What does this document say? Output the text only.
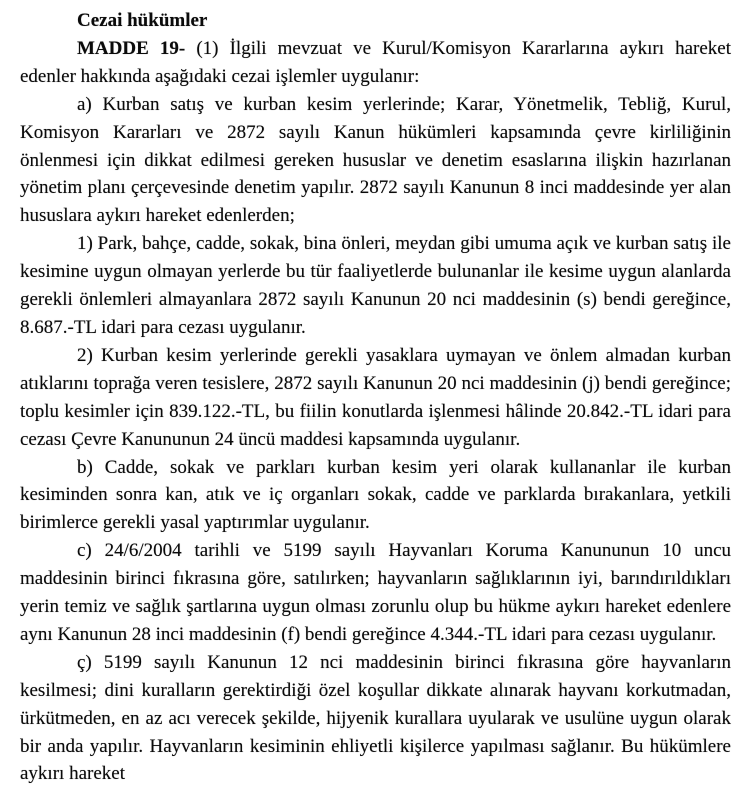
Cezai hükümler

MADDE 19- (1) İlgili mevzuat ve Kurul/Komisyon Kararlarına aykırı hareket edenler hakkında aşağıdaki cezai işlemler uygulanır:

a) Kurban satış ve kurban kesim yerlerinde; Karar, Yönetmelik, Tebliğ, Kurul, Komisyon Kararları ve 2872 sayılı Kanun hükümleri kapsamında çevre kirliliğinin önlenmesi için dikkat edilmesi gereken hususlar ve denetim esaslarına ilişkin hazırlanan yönetim planı çerçevesinde denetim yapılır. 2872 sayılı Kanunun 8 inci maddesinde yer alan hususlara aykırı hareket edenlerden;

1) Park, bahçe, cadde, sokak, bina önleri, meydan gibi umuma açık ve kurban satış ile kesimine uygun olmayan yerlerde bu tür faaliyetlerde bulunanlar ile kesime uygun alanlarda gerekli önlemleri almayanlara 2872 sayılı Kanunun 20 nci maddesinin (s) bendi gereğince, 8.687.-TL idari para cezası uygulanır.

2) Kurban kesim yerlerinde gerekli yasaklara uymayan ve önlem almadan kurban atıklarını toprağa veren tesislere, 2872 sayılı Kanunun 20 nci maddesinin (j) bendi gereğince; toplu kesimler için 839.122.-TL, bu fiilin konutlarda işlenmesi hâlinde 20.842.-TL idari para cezası Çevre Kanununun 24 üncü maddesi kapsamında uygulanır.

b) Cadde, sokak ve parkları kurban kesim yeri olarak kullananlar ile kurban kesiminden sonra kan, atık ve iç organları sokak, cadde ve parklarda bırakanlara, yetkili birimlerce gerekli yasal yaptırımlar uygulanır.

c) 24/6/2004 tarihli ve 5199 sayılı Hayvanları Koruma Kanununun 10 uncu maddesinin birinci fıkrasına göre, satılırken; hayvanların sağlıklarının iyi, barındırıldıkları yerin temiz ve sağlık şartlarına uygun olması zorunlu olup bu hükme aykırı hareket edenlere aynı Kanunun 28 inci maddesinin (f) bendi gereğince 4.344.-TL idari para cezası uygulanır.

ç) 5199 sayılı Kanunun 12 nci maddesinin birinci fıkrasına göre hayvanların kesilmesi; dini kuralların gerektirdiği özel koşullar dikkate alınarak hayvanı korkutmadan, ürkütmeden, en az acı verecek şekilde, hijyenik kurallara uyularak ve usulüne uygun olarak bir anda yapılır. Hayvanların kesiminin ehliyetli kişilerce yapılması sağlanır. Bu hükümlere aykırı hareket
